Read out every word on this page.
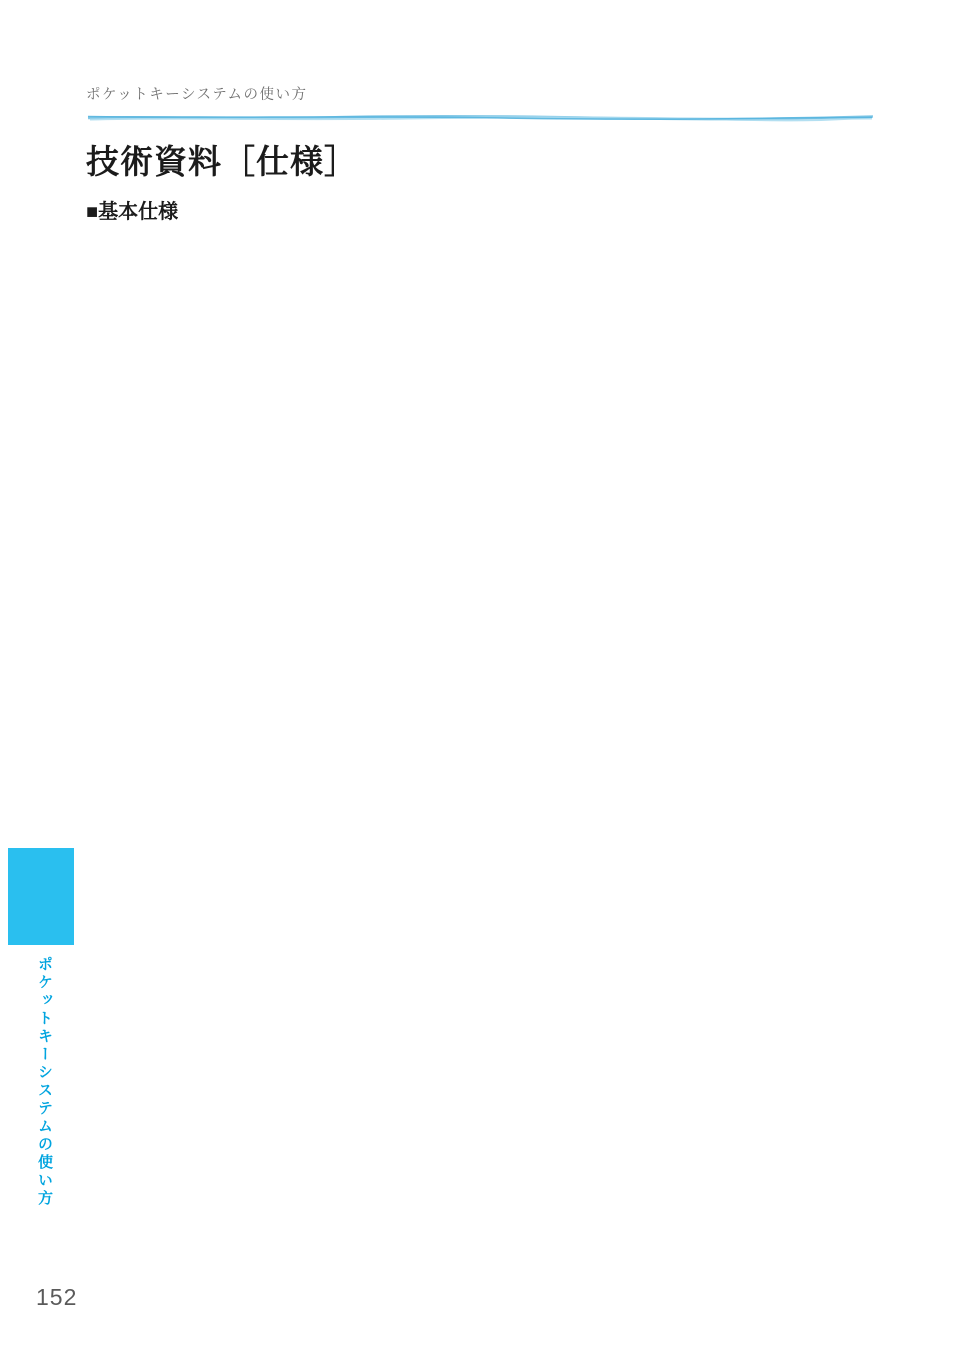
ポケットキーシステムの使い方
技術資料［仕様］
■基本仕様
ポケットキーシステムの使い方
152
